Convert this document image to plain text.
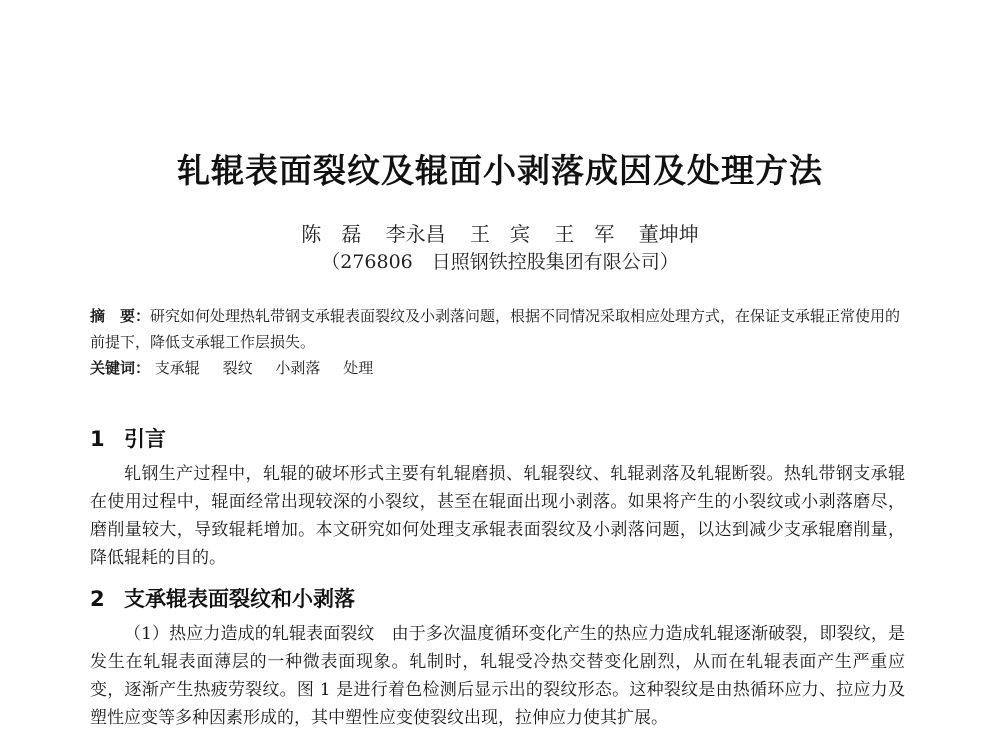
轧辊表面裂纹及辊面小剥落成因及处理方法
陈　磊 李永昌 王　宾 王　军 董坤坤
（276806　日照钢铁控股集团有限公司）
摘　要：研究如何处理热轧带钢支承辊表面裂纹及小剥落问题，根据不同情况采取相应处理方式，在保证支承辊正常使用的前提下，降低支承辊工作层损失。
关键词： 支承辊 裂纹 小剥落 处理
1 引言
轧钢生产过程中，轧辊的破坏形式主要有轧辊磨损、轧辊裂纹、轧辊剥落及轧辊断裂。热轧带钢支承辊在使用过程中，辊面经常出现较深的小裂纹，甚至在辊面出现小剥落。如果将产生的小裂纹或小剥落磨尽，磨削量较大，导致辊耗增加。本文研究如何处理支承辊表面裂纹及小剥落问题，以达到减少支承辊磨削量，降低辊耗的目的。
2 支承辊表面裂纹和小剥落
（1）热应力造成的轧辊表面裂纹　由于多次温度循环变化产生的热应力造成轧辊逐渐破裂，即裂纹，是发生在轧辊表面薄层的一种微表面现象。轧制时，轧辊受冷热交替变化剧烈，从而在轧辊表面产生严重应变，逐渐产生热疲劳裂纹。图 1 是进行着色检测后显示出的裂纹形态。这种裂纹是由热循环应力、拉应力及塑性应变等多种因素形成的，其中塑性应变使裂纹出现，拉伸应力使其扩展。
